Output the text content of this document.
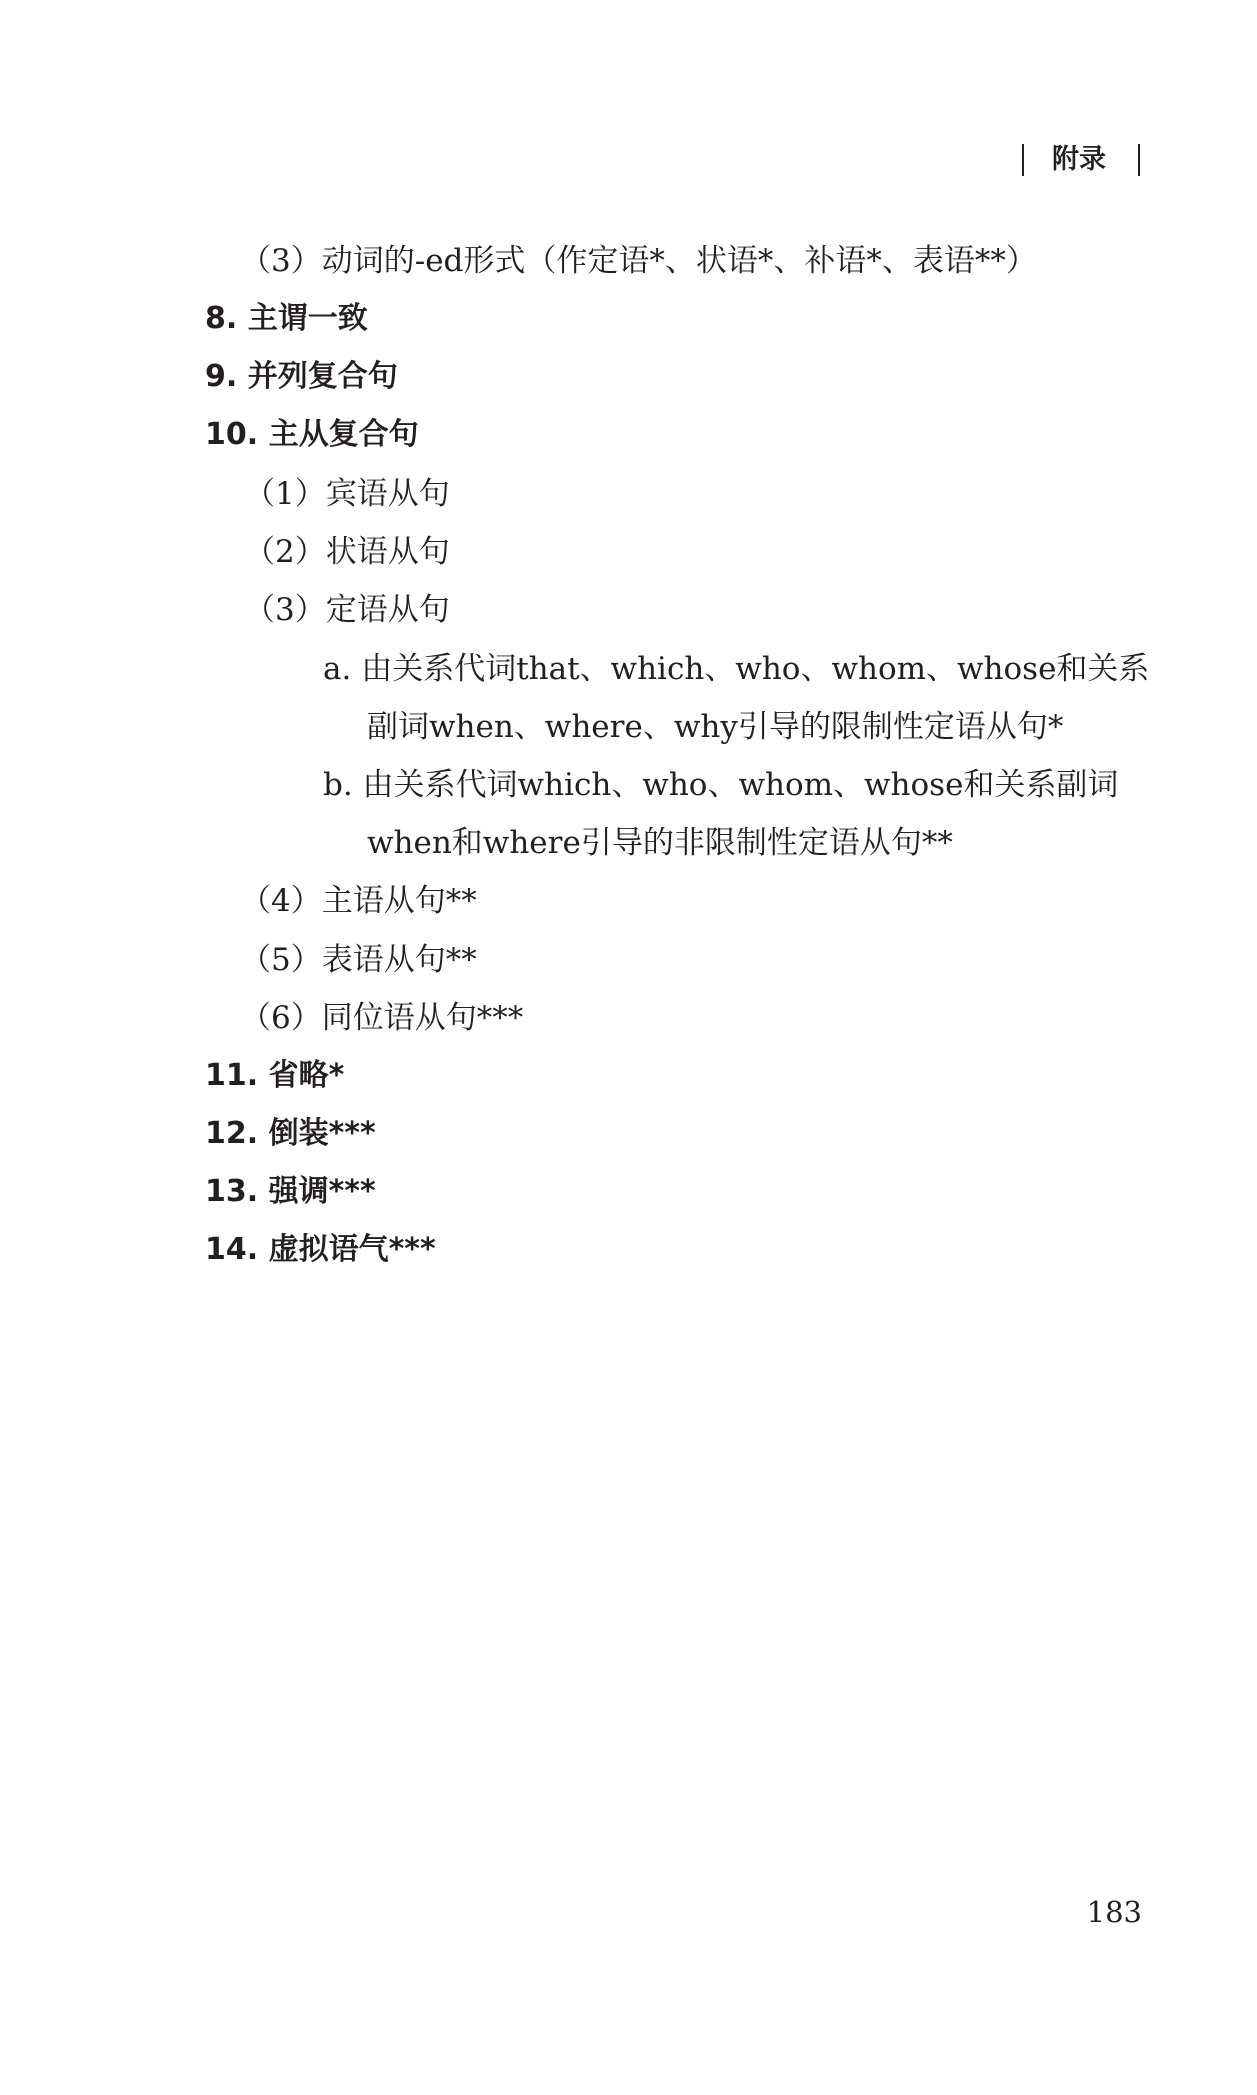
附录
（3）动词的-ed形式（作定语*、状语*、补语*、表语**）
8. 主谓一致
9. 并列复合句
10. 主从复合句
（1）宾语从句
（2）状语从句
（3）定语从句
a. 由关系代词that、which、who、whom、whose和关系
副词when、where、why引导的限制性定语从句*
b. 由关系代词which、who、whom、whose和关系副词
when和where引导的非限制性定语从句**
（4）主语从句**
（5）表语从句**
（6）同位语从句***
11. 省略*
12. 倒装***
13. 强调***
14. 虚拟语气***
183
